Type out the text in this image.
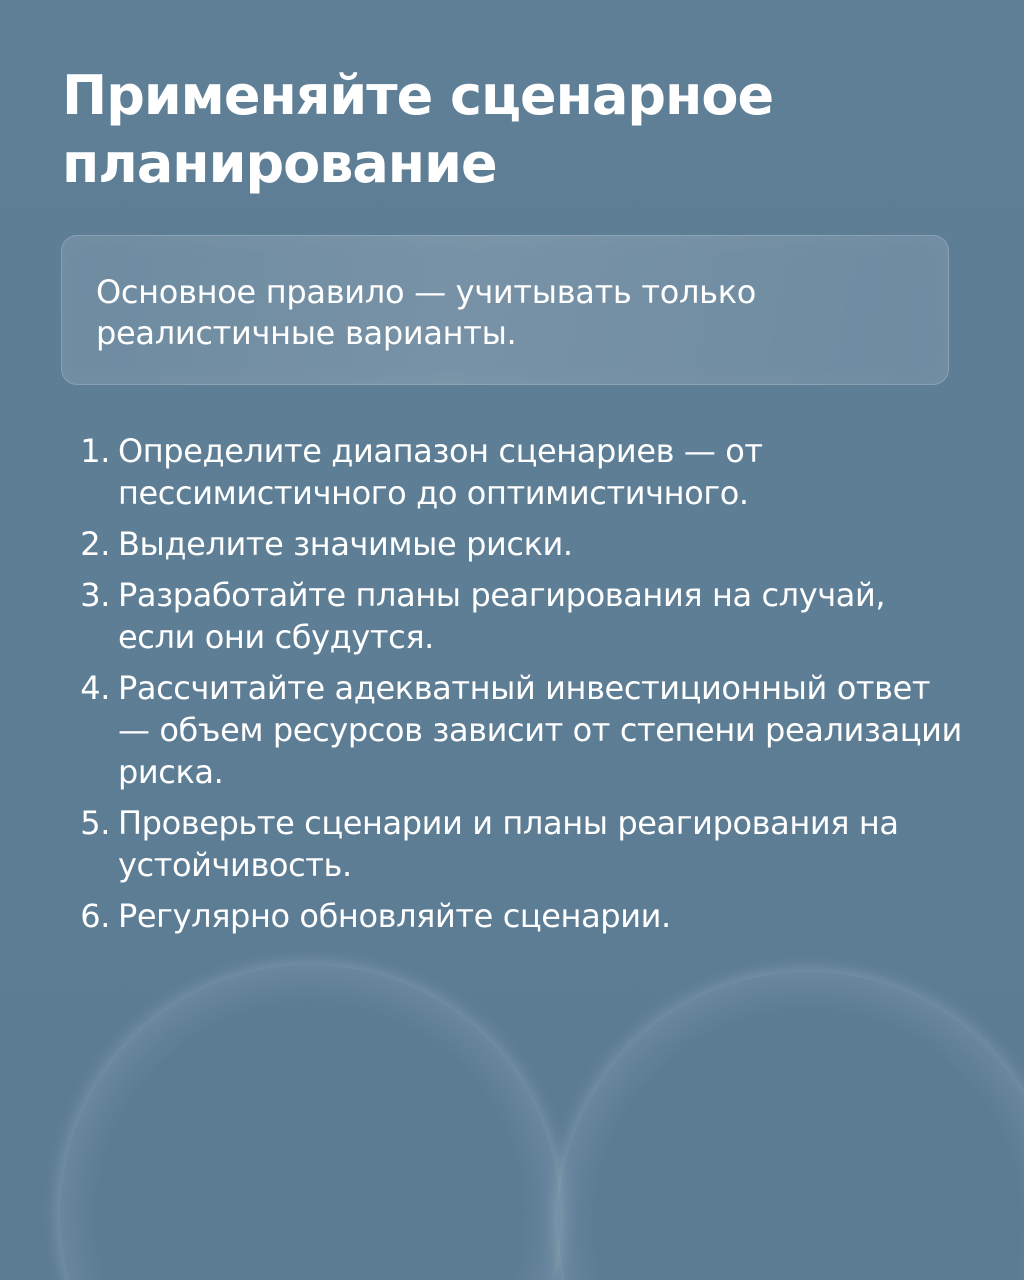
Применяйте сценарное планирование

Основное правило — учитывать только реалистичные варианты.

1. Определите диапазон сценариев — от пессимистичного до оптимистичного.
2. Выделите значимые риски.
3. Разработайте планы реагирования на случай, если они сбудутся.
4. Рассчитайте адекватный инвестиционный ответ — объем ресурсов зависит от степени реализации риска.
5. Проверьте сценарии и планы реагирования на устойчивость.
6. Регулярно обновляйте сценарии.
